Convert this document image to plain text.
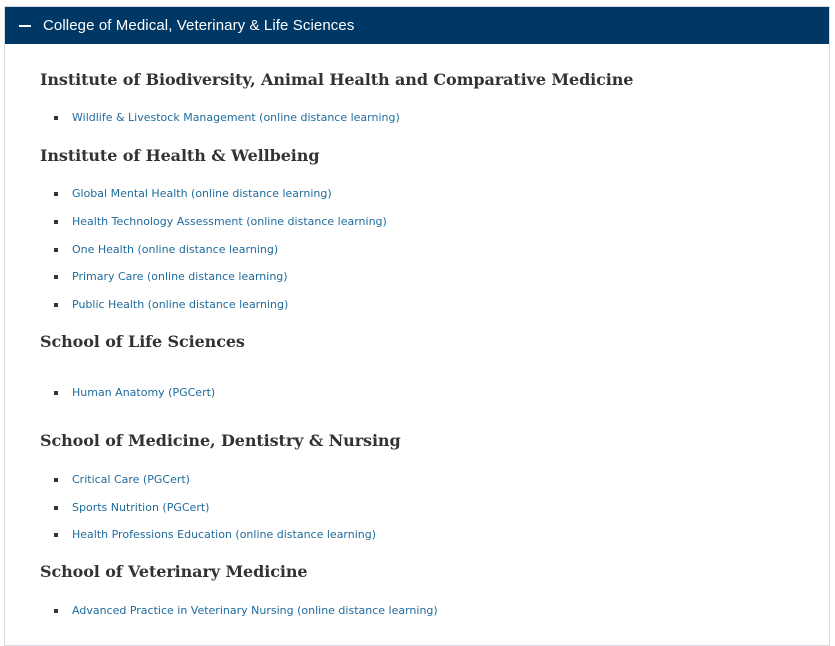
College of Medical, Veterinary & Life Sciences
Institute of Biodiversity, Animal Health and Comparative Medicine
Wildlife & Livestock Management (online distance learning)
Institute of Health & Wellbeing
Global Mental Health (online distance learning)
Health Technology Assessment (online distance learning)
One Health (online distance learning)
Primary Care (online distance learning)
Public Health (online distance learning)
School of Life Sciences
Human Anatomy (PGCert)
School of Medicine, Dentistry & Nursing
Critical Care (PGCert)
Sports Nutrition (PGCert)
Health Professions Education (online distance learning)
School of Veterinary Medicine
Advanced Practice in Veterinary Nursing (online distance learning)
